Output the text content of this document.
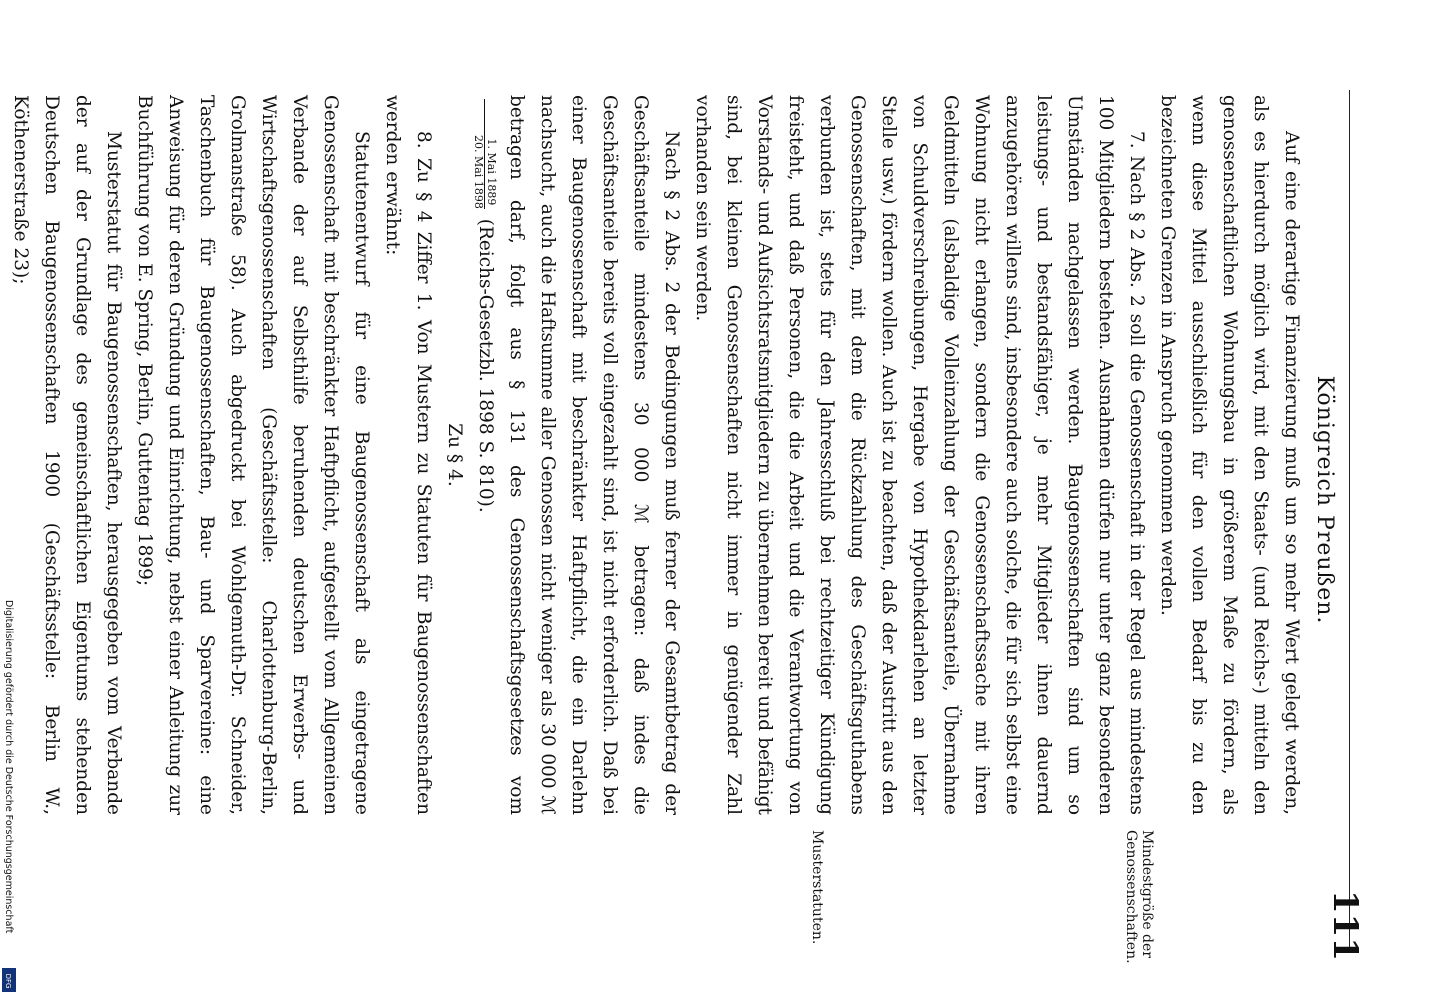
Königreich Preußen.
111
Mindestgröße der Genossenschaften.
Musterstatuten.

Auf eine derartige Finanzierung muß um so mehr Wert gelegt werden, als es hierdurch möglich wird, mit den Staats- (und Reichs-) mitteln den genossenschaftlichen Wohnungsbau in größerem Maße zu fördern, als wenn diese Mittel ausschließlich für den vollen Bedarf bis zu den bezeichneten Grenzen in Anspruch genommen werden.

7. Nach § 2 Abs. 2 soll die Genossenschaft in der Regel aus mindestens 100 Mitgliedern bestehen. Ausnahmen dürfen nur unter ganz besonderen Umständen nachgelassen werden. Baugenossenschaften sind um so leistungs- und bestandsfähiger, je mehr Mitglieder ihnen dauernd anzugehören willens sind, insbesondere auch solche, die für sich selbst eine Wohnung nicht erlangen, sondern die Genossenschaftssache mit ihren Geldmitteln (alsbaldige Volleinzahlung der Geschäftsanteile, Übernahme von Schuldverschreibungen, Hergabe von Hypothekdarlehen an letzter Stelle usw.) fördern wollen. Auch ist zu beachten, daß der Austritt aus den Genossenschaften, mit dem die Rückzahlung des Geschäftsguthabens verbunden ist, stets für den Jahresschluß bei rechtzeitiger Kündigung freisteht, und daß Personen, die die Arbeit und die Verantwortung von Vorstands- und Aufsichtsratsmitgliedern zu übernehmen bereit und befähigt sind, bei kleinen Genossenschaften nicht immer in genügender Zahl vorhanden sein werden.

Nach § 2 Abs. 2 der Bedingungen muß ferner der Gesamtbetrag der Geschäftsanteile mindestens 30 000 ℳ betragen: daß indes die Geschäftsanteile bereits voll eingezahlt sind, ist nicht erforderlich. Daß bei einer Baugenossenschaft mit beschränkter Haftpflicht, die ein Darlehn nachsucht, auch die Haftsumme aller Genossen nicht weniger als 30 000 ℳ betragen darf, folgt aus § 131 des Genossenschaftsgesetzes vom
1. Mai 1889
20. Mai 1898
(Reichs-Gesetzbl. 1898 S. 810).

Zu § 4.

8. Zu § 4 Ziffer 1. Von Mustern zu Statuten für Baugenossenschaften werden erwähnt:

Statutenentwurf für eine Baugenossenschaft als eingetragene Genossenschaft mit beschränkter Haftpflicht, aufgestellt vom Allgemeinen Verbande der auf Selbsthilfe beruhenden deutschen Erwerbs- und Wirtschaftsgenossenschaften (Geschäftsstelle: Charlottenburg-Berlin, Grolmanstraße 58). Auch abgedruckt bei Wohlgemuth-Dr. Schneider, Taschenbuch für Baugenossenschaften, Bau- und Sparvereine: eine Anweisung für deren Gründung und Einrichtung, nebst einer Anleitung zur Buchführung von E. Spring, Berlin, Guttentag 1899;

Musterstatut für Baugenossenschaften, herausgegeben vom Verbande der auf der Grundlage des gemeinschaftlichen Eigentums stehenden Deutschen Baugenossenschaften 1900 (Geschäftsstelle: Berlin W., Köthenerstraße 23);

Digitalisierung gefördert durch die Deutsche Forschungsgemeinschaft
DFG
